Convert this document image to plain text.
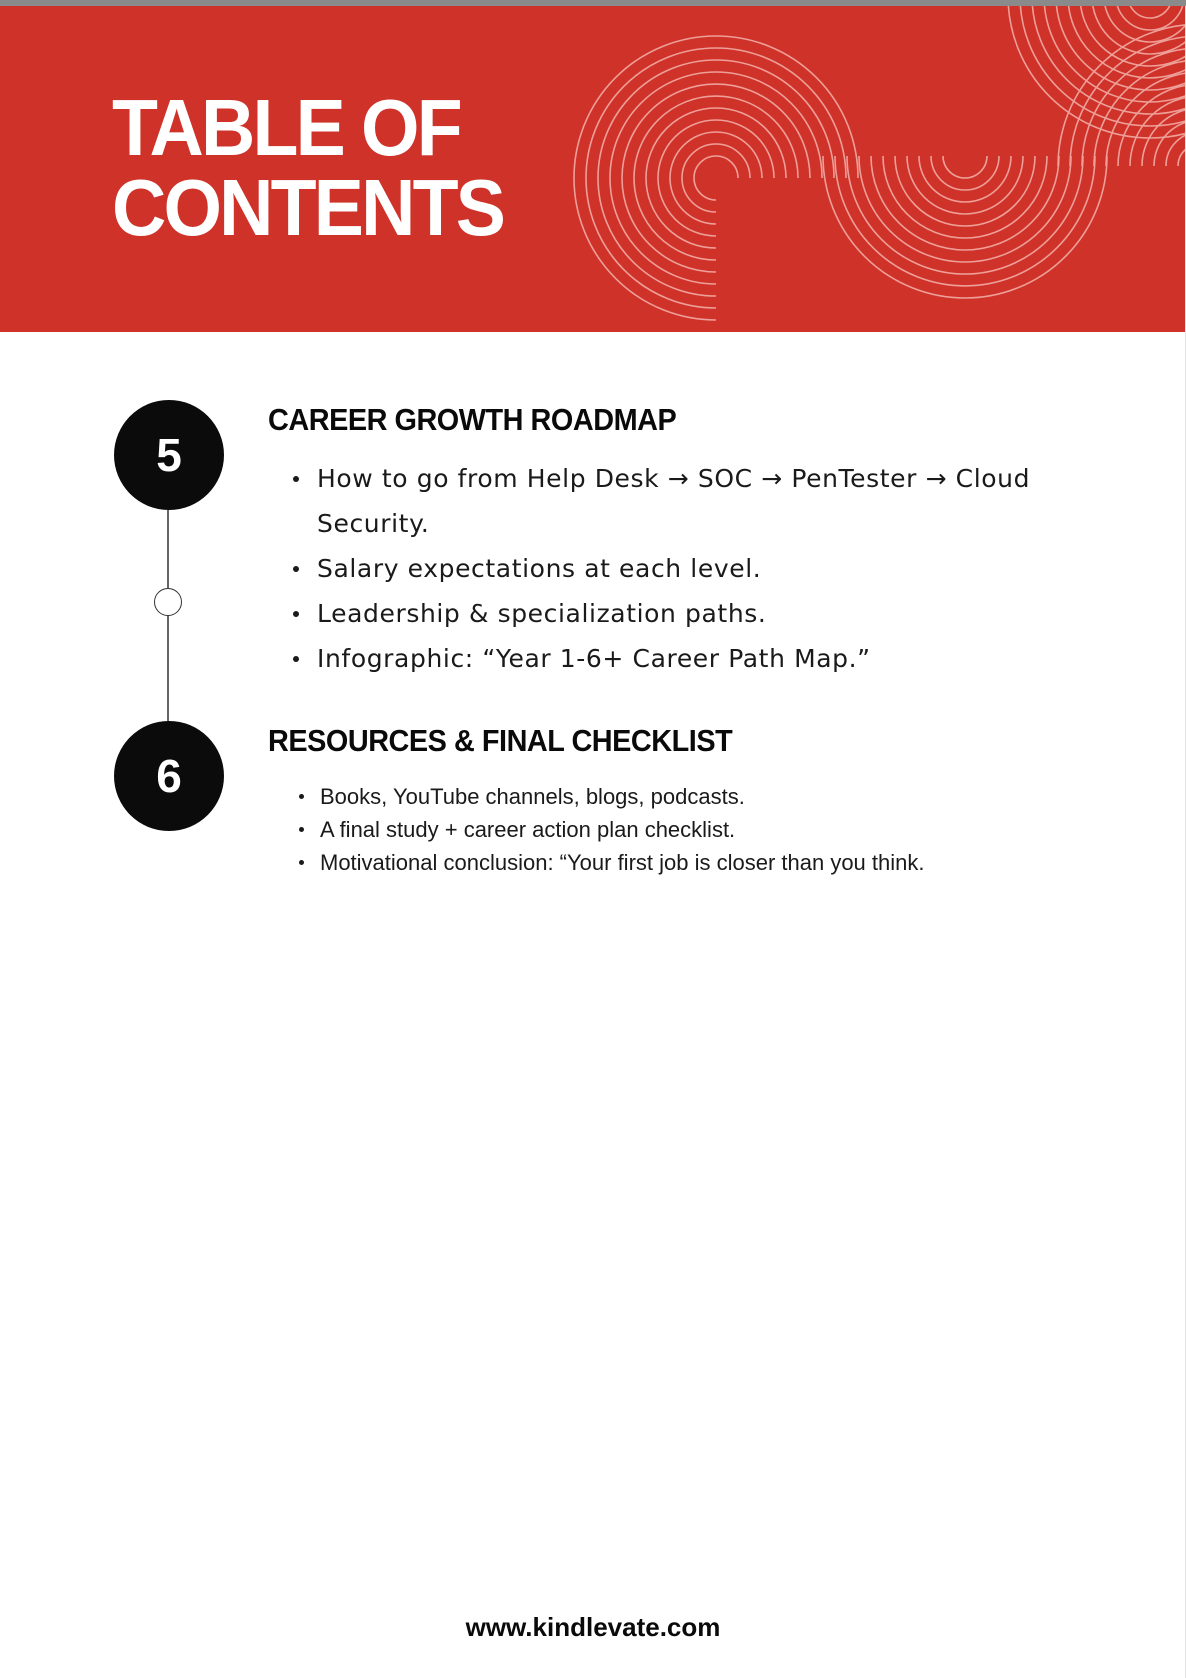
TABLE OF
CONTENTS
5
6
CAREER GROWTH ROADMAP
How to go from Help Desk → SOC → PenTester → Cloud Security.
Salary expectations at each level.
Leadership & specialization paths.
Infographic: “Year 1-6+ Career Path Map.”
RESOURCES & FINAL CHECKLIST
Books, YouTube channels, blogs, podcasts.
A final study + career action plan checklist.
Motivational conclusion: “Your first job is closer than you think.

www.kindlevate.com
